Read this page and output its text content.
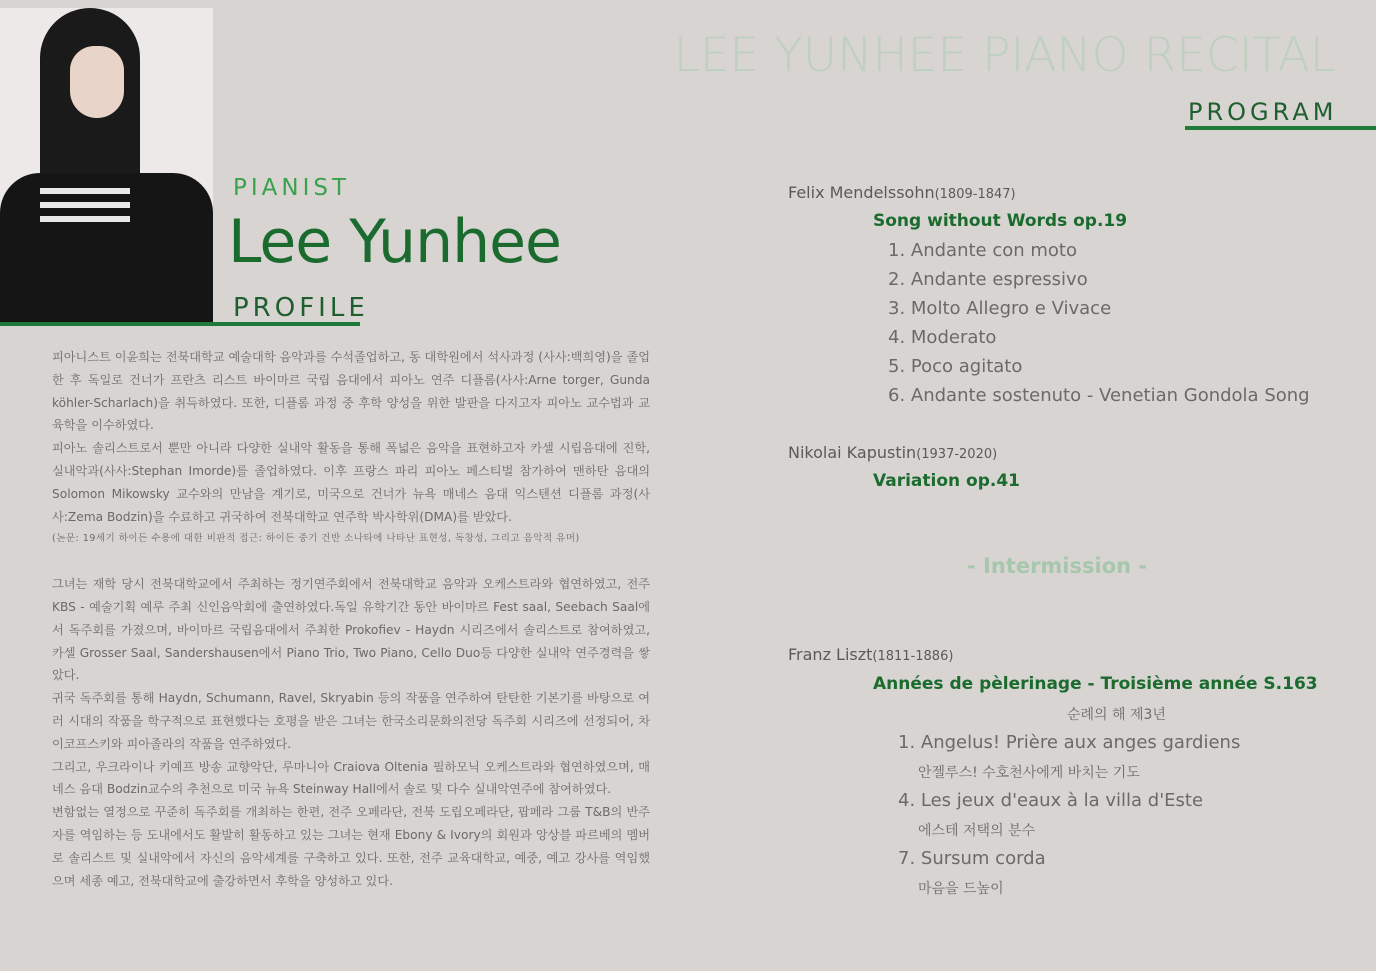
PIANIST
Lee Yunhee
PROFILE

피아니스트 이윤희는 전북대학교 예술대학 음악과를 수석졸업하고, 동 대학원에서 석사과정 (사사:백희영)을 졸업한 후 독일로 건너가 프란츠 리스트 바이마르 국립 음대에서 피아노 연주 디플롬(사사:Arne torger, Gunda köhler-Scharlach)을 취득하였다. 또한, 디플롬 과정 중 후학 양성을 위한 발판을 다지고자 피아노 교수법과 교육학을 이수하였다.

피아노 솔리스트로서 뿐만 아니라 다양한 실내악 활동을 통해 폭넓은 음악을 표현하고자 카셀 시립음대에 진학, 실내악과(사사:Stephan Imorde)를 졸업하였다. 이후 프랑스 파리 피아노 페스티벌 참가하여 맨하탄 음대의 Solomon Mikowsky 교수와의 만남을 계기로, 미국으로 건너가 뉴욕 매네스 음대 익스텐션 디플롬 과정(사사:Zema Bodzin)을 수료하고 귀국하여 전북대학교 연주학 박사학위(DMA)를 받았다.

(논문: 19세기 하이든 수용에 대한 비판적 접근: 하이든 중기 건반 소나타에 나타난 표현성, 독창성, 그리고 음악적 유머)

그녀는 재학 당시 전북대학교에서 주최하는 정기연주회에서 전북대학교 음악과 오케스트라와 협연하였고, 전주 KBS - 예술기획 예루 주최 신인음악회에 출연하였다.독일 유학기간 동안 바이마르 Fest saal, Seebach Saal에서 독주회를 가졌으며, 바이마르 국립음대에서 주최한 Prokofiev - Haydn 시리즈에서 솔리스트로 참여하였고, 카셀 Grosser Saal, Sandershausen에서 Piano Trio, Two Piano, Cello Duo등 다양한 실내악 연주경력을 쌓았다.

귀국 독주회를 통해 Haydn, Schumann, Ravel, Skryabin 등의 작품을 연주하여 탄탄한 기본기를 바탕으로 여러 시대의 작품을 학구적으로 표현했다는 호평을 받은 그녀는 한국소리문화의전당 독주회 시리즈에 선정되어, 차이코프스키와 피아졸라의 작품을 연주하였다.

그리고, 우크라이나 키예프 방송 교향악단, 루마니아 Craiova Oltenia 필하모닉 오케스트라와 협연하였으며, 매네스 음대 Bodzin교수의 추천으로 미국 뉴욕 Steinway Hall에서 솔로 및 다수 실내악연주에 참여하였다.

변함없는 열정으로 꾸준히 독주회를 개최하는 한편, 전주 오페라단, 전북 도립오페라단, 팝페라 그룹 T&B의 반주자를 역임하는 등 도내에서도 활발히 활동하고 있는 그녀는 현재 Ebony & Ivory의 회원과 앙상블 파르베의 멤버로 솔리스트 및 실내악에서 자신의 음악세계를 구축하고 있다. 또한, 전주 교육대학교, 예중, 예고 강사를 역임했으며 세종 예고, 전북대학교에 출강하면서 후학을 양성하고 있다.

LEE YUNHEE PIANO RECITAL
PROGRAM
Felix Mendelssohn(1809-1847)
Song without Words op.19
1. Andante con moto
2. Andante espressivo
3. Molto Allegro e Vivace
4. Moderato
5. Poco agitato
6. Andante sostenuto - Venetian Gondola Song
Nikolai Kapustin(1937-2020)
Variation op.41
- Intermission -
Franz Liszt(1811-1886)
Années de pèlerinage - Troisième année S.163
순례의 해 제3년
1. Angelus! Prière aux anges gardiens
안젤루스! 수호천사에게 바치는 기도
4. Les jeux d'eaux à la villa d'Este
에스테 저택의 분수
7. Sursum corda
마음을 드높이
